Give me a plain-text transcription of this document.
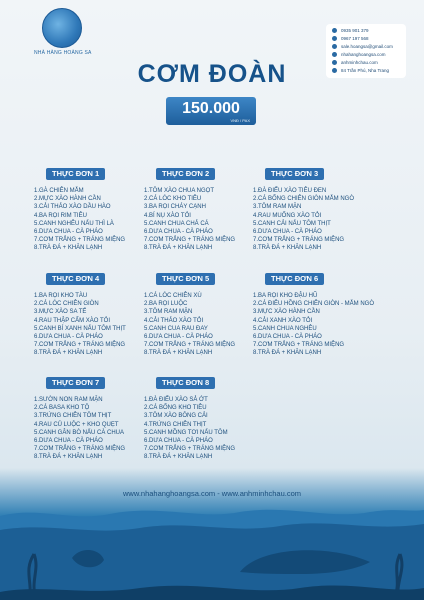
NHÀ HÀNG HOÀNG SA
0935 901 379
0967 197 568
sale.hoangsa@gmail.com
nhahanghoangsa.com
anhminhchau.com
84 Trần Phú, Nha Trang
CƠM ĐOÀN
150.000
VNĐ / PAX
THỰC ĐƠN 1
1.GÀ CHIÊN MẮM
2.MỰC XÀO HÀNH CẦN
3.CẢI THẢO XÀO DẦU HÀO
4.BA RỌI RIM TIÊU
5.CANH NGHÊU NẤU THÌ LÀ
6.DƯA CHUA - CÀ PHÁO
7.CƠM TRẮNG + TRÁNG MIỆNG
8.TRÀ ĐÁ + KHĂN LẠNH
THỰC ĐƠN 2
1.TÔM XÀO CHUA NGỌT
2.CÁ LÓC KHO TIÊU
3.BA RỌI CHÁY CẠNH
4.BÍ NỤ XÀO TỎI
5.CANH CHUA CHẢ CÁ
6.DƯA CHUA - CÀ PHÁO
7.CƠM TRẮNG + TRÁNG MIỆNG
8.TRÀ ĐÁ + KHĂN LẠNH
THỰC ĐƠN 3
1.ĐÀ ĐIỂU XÀO TIÊU ĐEN
2.CÁ BỐNG CHIÊN GIÒN MẮM NGÒ
3.TÔM RAM MẶN
4.RAU MUỐNG XÀO TỎI
5.CANH CẢI NẤU TÔM THỊT
6.DƯA CHUA - CÀ PHÁO
7.CƠM TRẮNG + TRÁNG MIỆNG
8.TRÀ ĐÁ + KHĂN LẠNH
THỰC ĐƠN 4
1.BA RỌI KHO TÀU
2.CÁ LÓC CHIÊN GIÒN
3.MỰC XÀO SA TẾ
4.RAU THẬP CẨM XÀO TỎI
5.CANH BÍ XANH NẤU TÔM THỊT
6.DƯA CHUA - CÀ PHÁO
7.CƠM TRẮNG + TRÁNG MIỆNG
8.TRÀ ĐÁ + KHĂN LẠNH
THỰC ĐƠN 5
1.CÁ LÓC CHIÊN XÙ
2.BA RỌI LUỘC
3.TÔM RAM MẶN
4.CẢI THẢO XÀO TỎI
5.CANH CUA RAU ĐAY
6.DƯA CHUA - CÀ PHÁO
7.CƠM TRẮNG + TRÁNG MIỆNG
8.TRÀ ĐÁ + KHĂN LẠNH
THỰC ĐƠN 6
1.BA RỌI KHO ĐẬU HŨ
2.CÁ ĐIÊU HỒNG CHIÊN GIÒN - MẮM NGÒ
3.MỰC XÀO HÀNH CẦN
4.CẢI XANH XÀO TỎI
5.CANH CHUA NGHÊU
6.DƯA CHUA - CÀ PHÁO
7.CƠM TRẮNG + TRÁNG MIỆNG
8.TRÀ ĐÁ + KHĂN LẠNH
THỰC ĐƠN 7
1.SƯỜN NON RAM MẶN
2.CÁ BASA KHO TỘ
3.TRỨNG CHIÊN TÔM THỊT
4.RAU CỦ LUỘC + KHO QUẸT
5.CANH GÂN BÒ NẤU CÀ CHUA
6.DƯA CHUA - CÀ PHÁO
7.CƠM TRẮNG + TRÁNG MIỆNG
8.TRÀ ĐÁ + KHĂN LẠNH
THỰC ĐƠN 8
1.ĐÀ ĐIỂU XÀO SẢ ỚT
2.CÁ BỐNG KHO TIÊU
3.TÔM XÀO BÔNG CẢI
4.TRỨNG CHIÊN THỊT
5.CANH MỒNG TƠI NẤU TÔM
6.DƯA CHUA - CÀ PHÁO
7.CƠM TRẮNG + TRÁNG MIỆNG
8.TRÀ ĐÁ + KHĂN LẠNH
www.nhahanghoangsa.com - www.anhminhchau.com
